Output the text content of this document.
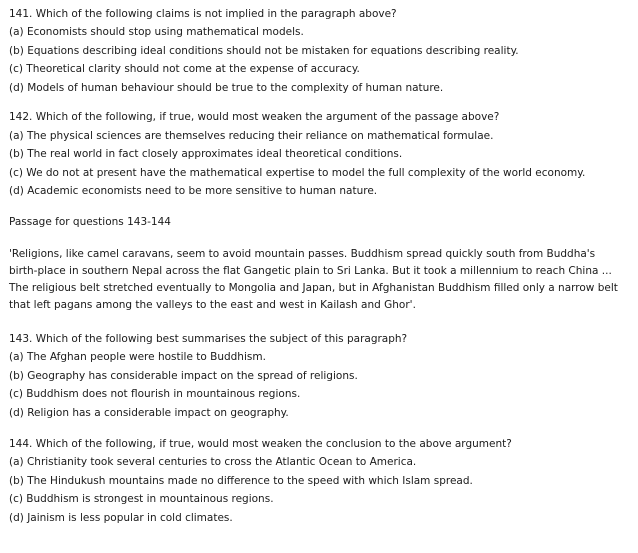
141. Which of the following claims is not implied in the paragraph above?
(a) Economists should stop using mathematical models.
(b) Equations describing ideal conditions should not be mistaken for equations describing reality.
(c) Theoretical clarity should not come at the expense of accuracy.
(d) Models of human behaviour should be true to the complexity of human nature.
142. Which of the following, if true, would most weaken the argument of the passage above?
(a) The physical sciences are themselves reducing their reliance on mathematical formulae.
(b) The real world in fact closely approximates ideal theoretical conditions.
(c) We do not at present have the mathematical expertise to model the full complexity of the world economy.
(d) Academic economists need to be more sensitive to human nature.
Passage for questions 143-144
'Religions, like camel caravans, seem to avoid mountain passes. Buddhism spread quickly south from Buddha's birth-place in southern Nepal across the flat Gangetic plain to Sri Lanka. But it took a millennium to reach China ... The religious belt stretched eventually to Mongolia and Japan, but in Afghanistan Buddhism filled only a narrow belt that left pagans among the valleys to the east and west in Kailash and Ghor'.
143. Which of the following best summarises the subject of this paragraph?
(a) The Afghan people were hostile to Buddhism.
(b) Geography has considerable impact on the spread of religions.
(c) Buddhism does not flourish in mountainous regions.
(d) Religion has a considerable impact on geography.
144. Which of the following, if true, would most weaken the conclusion to the above argument?
(a) Christianity took several centuries to cross the Atlantic Ocean to America.
(b) The Hindukush mountains made no difference to the speed with which Islam spread.
(c) Buddhism is strongest in mountainous regions.
(d) Jainism is less popular in cold climates.
